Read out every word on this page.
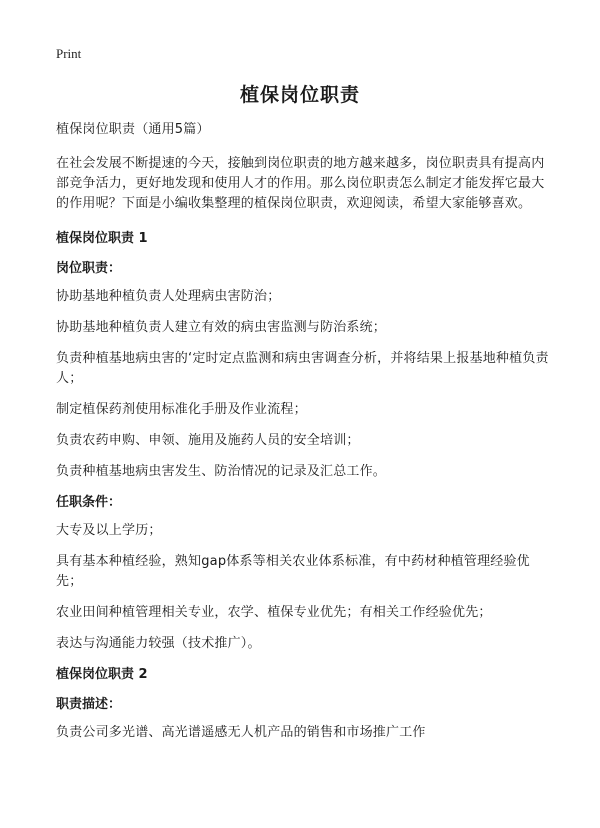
Print
植保岗位职责

植保岗位职责（通用5篇）

在社会发展不断提速的今天，接触到岗位职责的地方越来越多，岗位职责具有提高内部竞争活力，更好地发现和使用人才的作用。那么岗位职责怎么制定才能发挥它最大的作用呢？下面是小编收集整理的植保岗位职责，欢迎阅读，希望大家能够喜欢。

植保岗位职责 1

岗位职责：

协助基地种植负责人处理病虫害防治；

协助基地种植负责人建立有效的病虫害监测与防治系统；

负责种植基地病虫害的‘定时定点监测和病虫害调查分析，并将结果上报基地种植负责人；

制定植保药剂使用标准化手册及作业流程；

负责农药申购、申领、施用及施药人员的安全培训；

负责种植基地病虫害发生、防治情况的记录及汇总工作。

任职条件：

大专及以上学历；

具有基本种植经验，熟知gap体系等相关农业体系标准，有中药材种植管理经验优先；

农业田间种植管理相关专业，农学、植保专业优先；有相关工作经验优先；

表达与沟通能力较强（技术推广）。

植保岗位职责 2

职责描述：

负责公司多光谱、高光谱遥感无人机产品的销售和市场推广工作
